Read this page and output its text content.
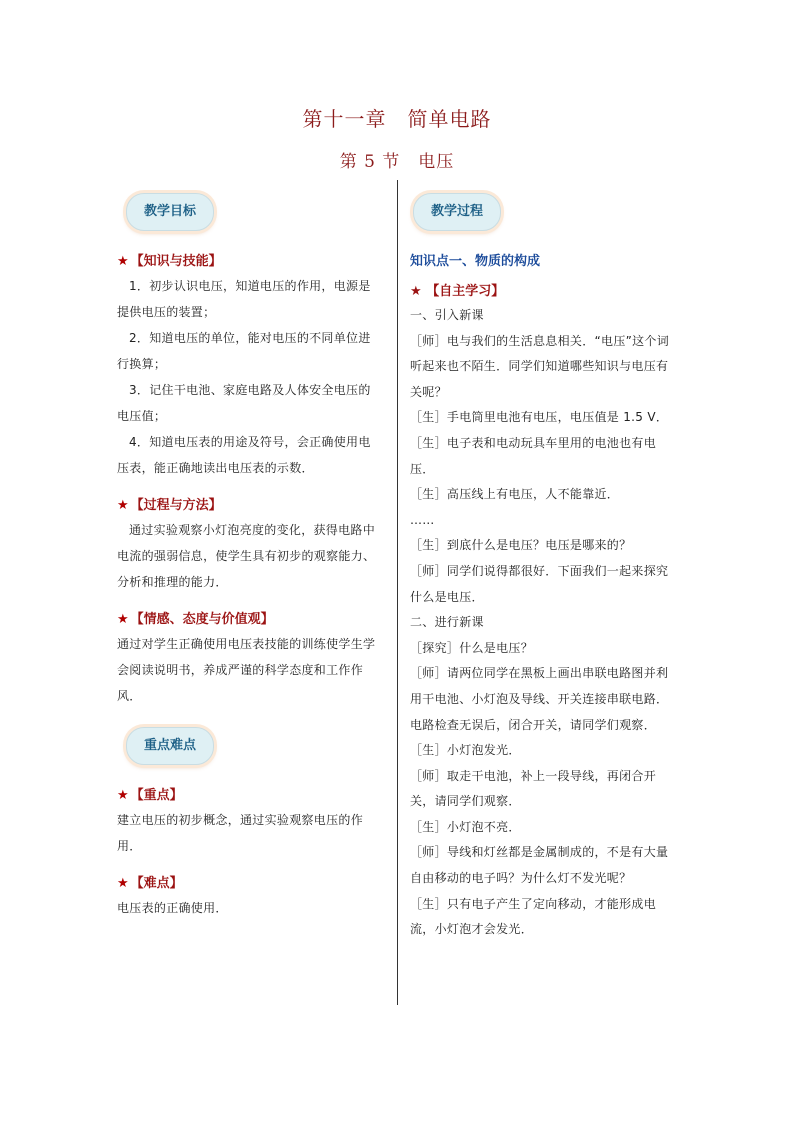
第十一章　简单电路
第 5 节　电压
教学目标
★ 【知识与技能】

1．初步认识电压，知道电压的作用，电源是提供电压的装置；

2．知道电压的单位，能对电压的不同单位进行换算；

3．记住干电池、家庭电路及人体安全电压的电压值；

4．知道电压表的用途及符号，会正确使用电压表，能正确地读出电压表的示数．

★ 【过程与方法】

通过实验观察小灯泡亮度的变化，获得电路中电流的强弱信息，使学生具有初步的观察能力、分析和推理的能力．

★ 【情感、态度与价值观】

通过对学生正确使用电压表技能的训练使学生学会阅读说明书，养成严谨的科学态度和工作作风．

重点难点
★ 【重点】

建立电压的初步概念，通过实验观察电压的作用．

★ 【难点】

电压表的正确使用．

教学过程
知识点一、物质的构成
★ 【自主学习】

一、引入新课

［师］电与我们的生活息息相关．“电压”这个词听起来也不陌生．同学们知道哪些知识与电压有关呢？

［生］手电筒里电池有电压，电压值是 1.5 V．

［生］电子表和电动玩具车里用的电池也有电压．

［生］高压线上有电压，人不能靠近．

……

［生］到底什么是电压？电压是哪来的？

［师］同学们说得都很好．下面我们一起来探究什么是电压．

二、进行新课

［探究］什么是电压？

［师］请两位同学在黑板上画出串联电路图并利用干电池、小灯泡及导线、开关连接串联电路．电路检查无误后，闭合开关，请同学们观察．

［生］小灯泡发光．

［师］取走干电池，补上一段导线，再闭合开关，请同学们观察．

［生］小灯泡不亮．

［师］导线和灯丝都是金属制成的，不是有大量自由移动的电子吗？为什么灯不发光呢？

［生］只有电子产生了定向移动，才能形成电流，小灯泡才会发光．
